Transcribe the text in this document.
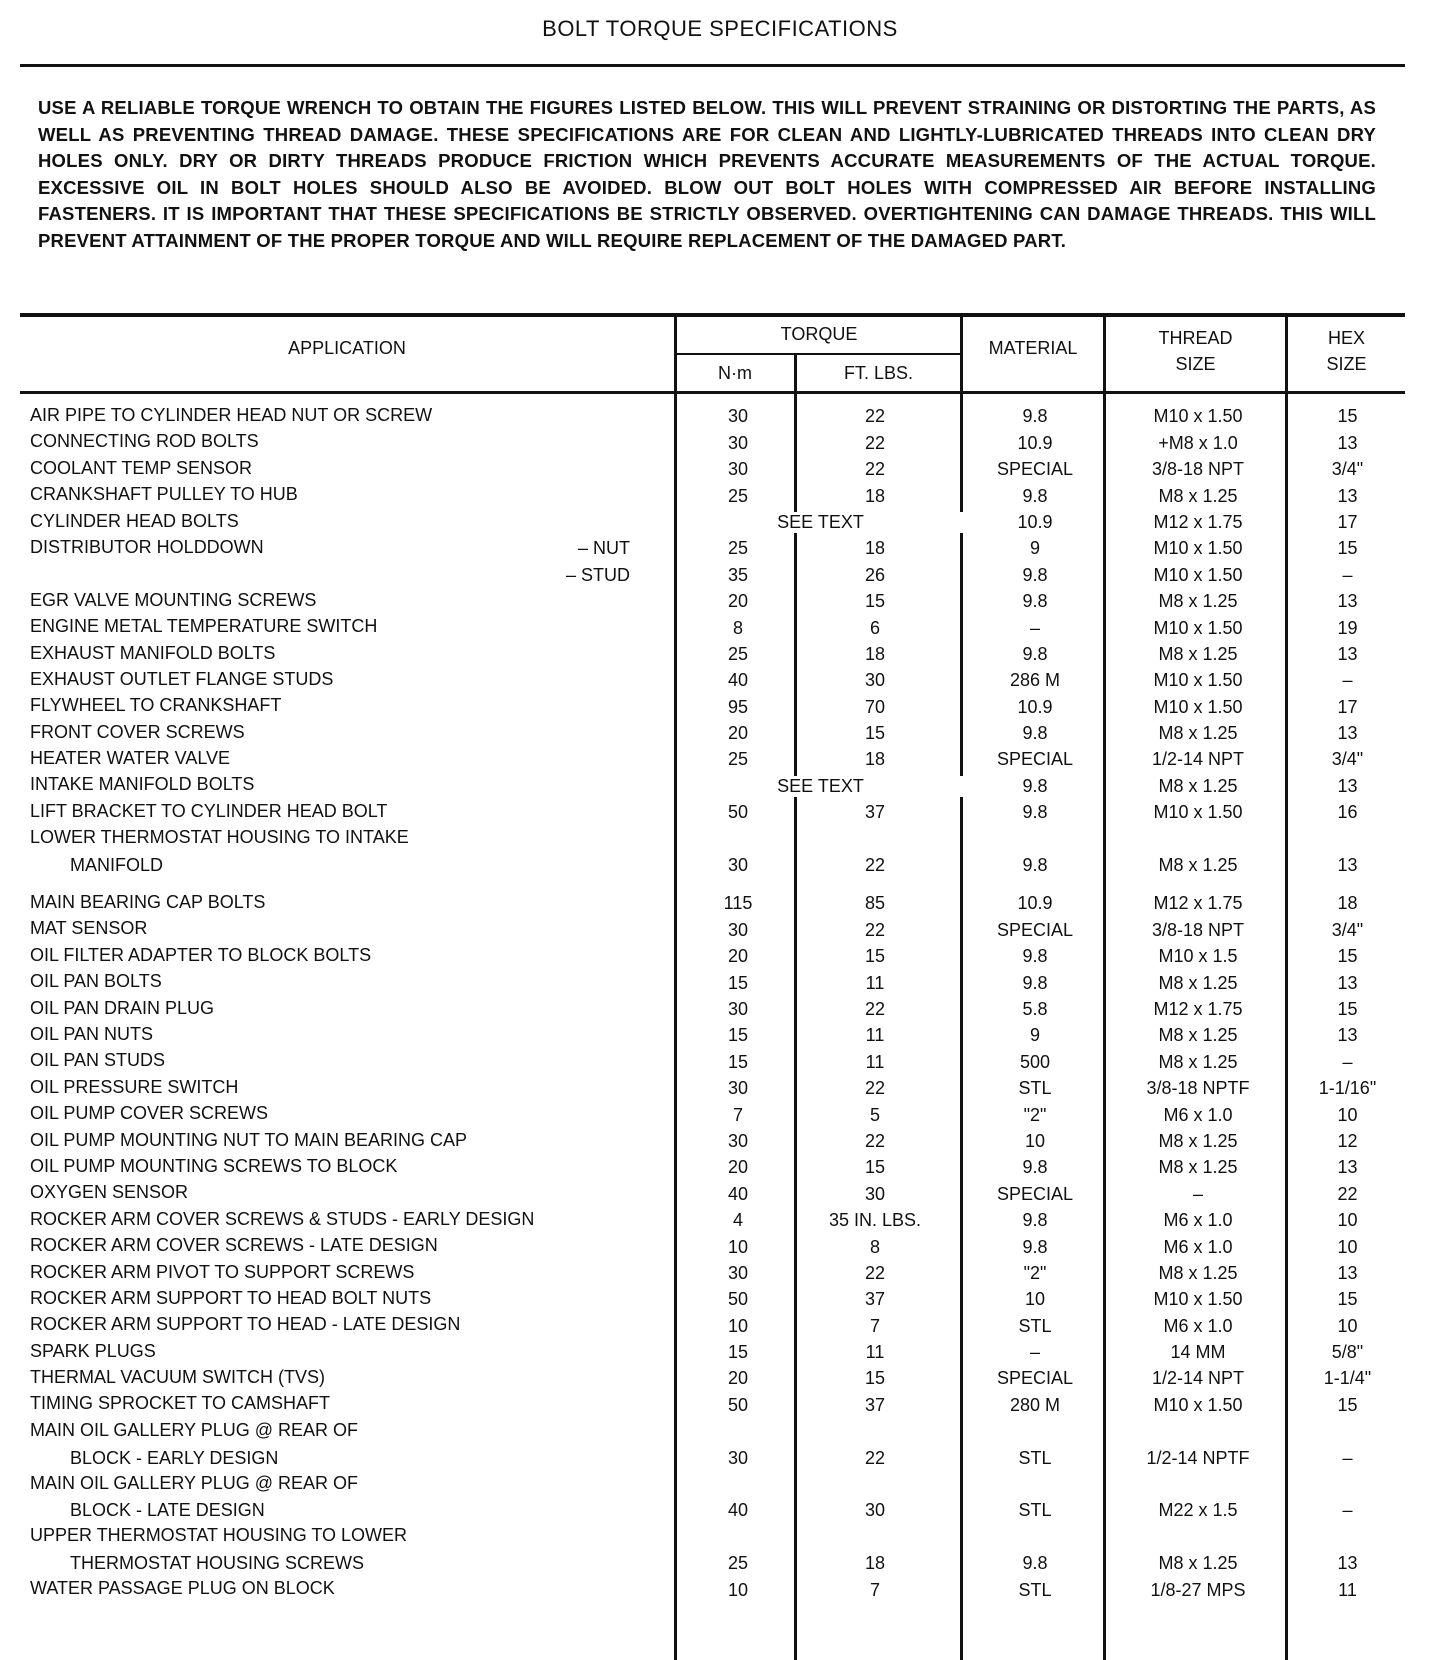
BOLT TORQUE SPECIFICATIONS
USE A RELIABLE TORQUE WRENCH TO OBTAIN THE FIGURES LISTED BELOW. THIS WILL PREVENT STRAINING OR DISTORTING THE PARTS, AS WELL AS PREVENTING THREAD DAMAGE. THESE SPECIFICATIONS ARE FOR CLEAN AND LIGHTLY-LUBRICATED THREADS INTO CLEAN DRY HOLES ONLY. DRY OR DIRTY THREADS PRODUCE FRICTION WHICH PREVENTS ACCURATE MEASUREMENTS OF THE ACTUAL TORQUE. EXCESSIVE OIL IN BOLT HOLES SHOULD ALSO BE AVOIDED. BLOW OUT BOLT HOLES WITH COMPRESSED AIR BEFORE INSTALLING FASTENERS. IT IS IMPORTANT THAT THESE SPECIFICATIONS BE STRICTLY OBSERVED. OVERTIGHTENING CAN DAMAGE THREADS. THIS WILL PREVENT ATTAINMENT OF THE PROPER TORQUE AND WILL REQUIRE REPLACEMENT OF THE DAMAGED PART.
APPLICATION
TORQUE
N·m	FT. LBS.
MATERIAL	THREAD
SIZE
HEX
SIZE
AIR PIPE TO CYLINDER HEAD NUT OR SCREW	30	22	9.8	M10 x 1.50	15
CONNECTING ROD BOLTS	30	22	10.9	+M8 x 1.0	13
COOLANT TEMP SENSOR	30	22	SPECIAL	3/8-18 NPT	3/4"
CRANKSHAFT PULLEY TO HUB	25	18	9.8	M8 x 1.25	13
CYLINDER HEAD BOLTS	SEE TEXT	10.9	M12 x 1.75	17
DISTRIBUTOR HOLDDOWN	– NUT	25	18	9	M10 x 1.50	15
– STUD	35	26	9.8	M10 x 1.50	–
EGR VALVE MOUNTING SCREWS	20	15	9.8	M8 x 1.25	13
ENGINE METAL TEMPERATURE SWITCH	8	6	–	M10 x 1.50	19
EXHAUST MANIFOLD BOLTS	25	18	9.8	M8 x 1.25	13
EXHAUST OUTLET FLANGE STUDS	40	30	286 M	M10 x 1.50	–
FLYWHEEL TO CRANKSHAFT	95	70	10.9	M10 x 1.50	17
FRONT COVER SCREWS	20	15	9.8	M8 x 1.25	13
HEATER WATER VALVE	25	18	SPECIAL	1/2-14 NPT	3/4"
INTAKE MANIFOLD BOLTS	SEE TEXT	9.8	M8 x 1.25	13
LIFT BRACKET TO CYLINDER HEAD BOLT	50	37	9.8	M10 x 1.50	16
LOWER THERMOSTAT HOUSING TO INTAKE
MANIFOLD	30	22	9.8	M8 x 1.25	13
MAIN BEARING CAP BOLTS	115	85	10.9	M12 x 1.75	18
MAT SENSOR	30	22	SPECIAL	3/8-18 NPT	3/4"
OIL FILTER ADAPTER TO BLOCK BOLTS	20	15	9.8	M10 x 1.5	15
OIL PAN BOLTS	15	11	9.8	M8 x 1.25	13
OIL PAN DRAIN PLUG	30	22	5.8	M12 x 1.75	15
OIL PAN NUTS	15	11	9	M8 x 1.25	13
OIL PAN STUDS	15	11	500	M8 x 1.25	–
OIL PRESSURE SWITCH	30	22	STL	3/8-18 NPTF	1-1/16"
OIL PUMP COVER SCREWS	7	5	"2"	M6 x 1.0	10
OIL PUMP MOUNTING NUT TO MAIN BEARING CAP	30	22	10	M8 x 1.25	12
OIL PUMP MOUNTING SCREWS TO BLOCK	20	15	9.8	M8 x 1.25	13
OXYGEN SENSOR	40	30	SPECIAL	–	22
ROCKER ARM COVER SCREWS & STUDS - EARLY DESIGN	4	35 IN. LBS.	9.8	M6 x 1.0	10
ROCKER ARM COVER SCREWS - LATE DESIGN	10	8	9.8	M6 x 1.0	10
ROCKER ARM PIVOT TO SUPPORT SCREWS	30	22	"2"	M8 x 1.25	13
ROCKER ARM SUPPORT TO HEAD BOLT NUTS	50	37	10	M10 x 1.50	15
ROCKER ARM SUPPORT TO HEAD - LATE DESIGN	10	7	STL	M6 x 1.0	10
SPARK PLUGS	15	11	–	14 MM	5/8"
THERMAL VACUUM SWITCH (TVS)	20	15	SPECIAL	1/2-14 NPT	1-1/4"
TIMING SPROCKET TO CAMSHAFT	50	37	280 M	M10 x 1.50	15
MAIN OIL GALLERY PLUG @ REAR OF
BLOCK - EARLY DESIGN	30	22	STL	1/2-14 NPTF	–
MAIN OIL GALLERY PLUG @ REAR OF
BLOCK - LATE DESIGN	40	30	STL	M22 x 1.5	–
UPPER THERMOSTAT HOUSING TO LOWER
THERMOSTAT HOUSING SCREWS	25	18	9.8	M8 x 1.25	13
WATER PASSAGE PLUG ON BLOCK	10	7	STL	1/8-27 MPS	11
